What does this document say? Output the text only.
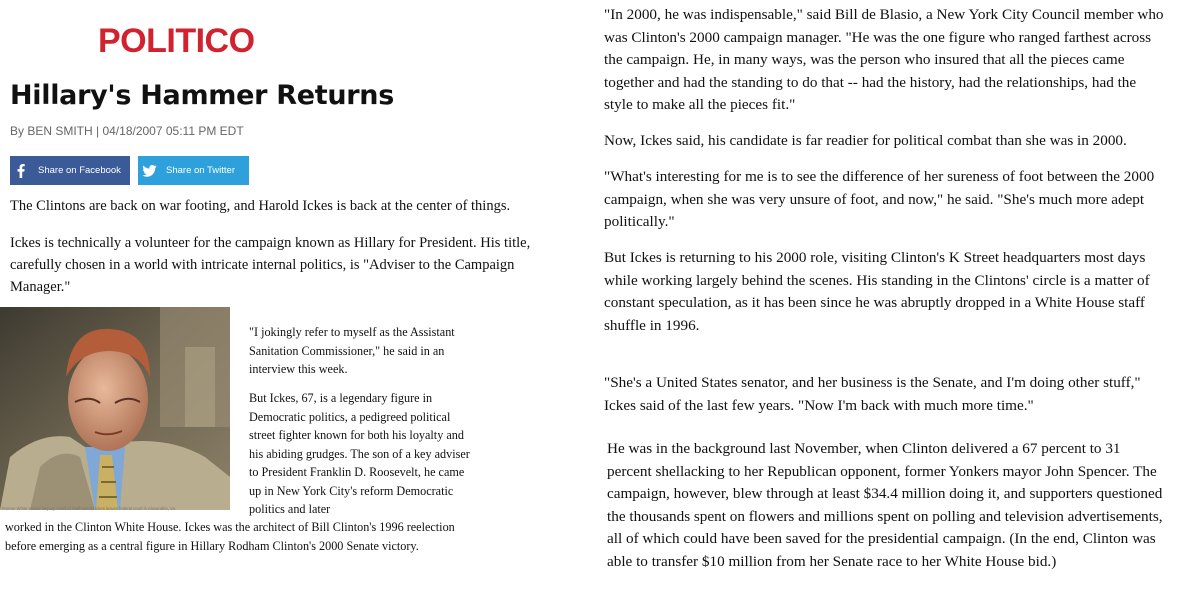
POLITICO
Hillary's Hammer Returns
By BEN SMITH | 04/18/2007 05:11 PM EDT
Share on Facebook	Share on Twitter

The Clintons are back on war footing, and Harold Ickes is back at the center of things.

Ickes is technically a volunteer for the campaign known as Hillary for President. His title, carefully chosen in a world with intricate internal politics, is "Adviser to the Campaign Manager."

Former White House Deputy Chief of Staff Harold Ickes leaves federal court in Alexandria, Va.

"I jokingly refer to myself as the Assistant Sanitation Commissioner," he said in an interview this week.

But Ickes, 67, is a legendary figure in Democratic politics, a pedigreed political street fighter known for both his loyalty and his abiding grudges. The son of a key adviser to President Franklin D. Roosevelt, he came up in New York City's reform Democratic politics and later

worked in the Clinton White House. Ickes was the architect of Bill Clinton's 1996 reelection before emerging as a central figure in Hillary Rodham Clinton's 2000 Senate victory.

"In 2000, he was indispensable," said Bill de Blasio, a New York City Council member who was Clinton's 2000 campaign manager. "He was the one figure who ranged farthest across the campaign. He, in many ways, was the person who insured that all the pieces came together and had the standing to do that -- had the history, had the relationships, had the style to make all the pieces fit."

Now, Ickes said, his candidate is far readier for political combat than she was in 2000.

"What's interesting for me is to see the difference of her sureness of foot between the 2000 campaign, when she was very unsure of foot, and now," he said. "She's much more adept politically."

But Ickes is returning to his 2000 role, visiting Clinton's K Street headquarters most days while working largely behind the scenes. His standing in the Clintons' circle is a matter of constant speculation, as it has been since he was abruptly dropped in a White House staff shuffle in 1996.

"She's a United States senator, and her business is the Senate, and I'm doing other stuff," Ickes said of the last few years. "Now I'm back with much more time."

He was in the background last November, when Clinton delivered a 67 percent to 31 percent shellacking to her Republican opponent, former Yonkers mayor John Spencer. The campaign, however, blew through at least $34.4 million doing it, and supporters questioned the thousands spent on flowers and millions spent on polling and television advertisements, all of which could have been saved for the presidential campaign. (In the end, Clinton was able to transfer $10 million from her Senate race to her White House bid.)
